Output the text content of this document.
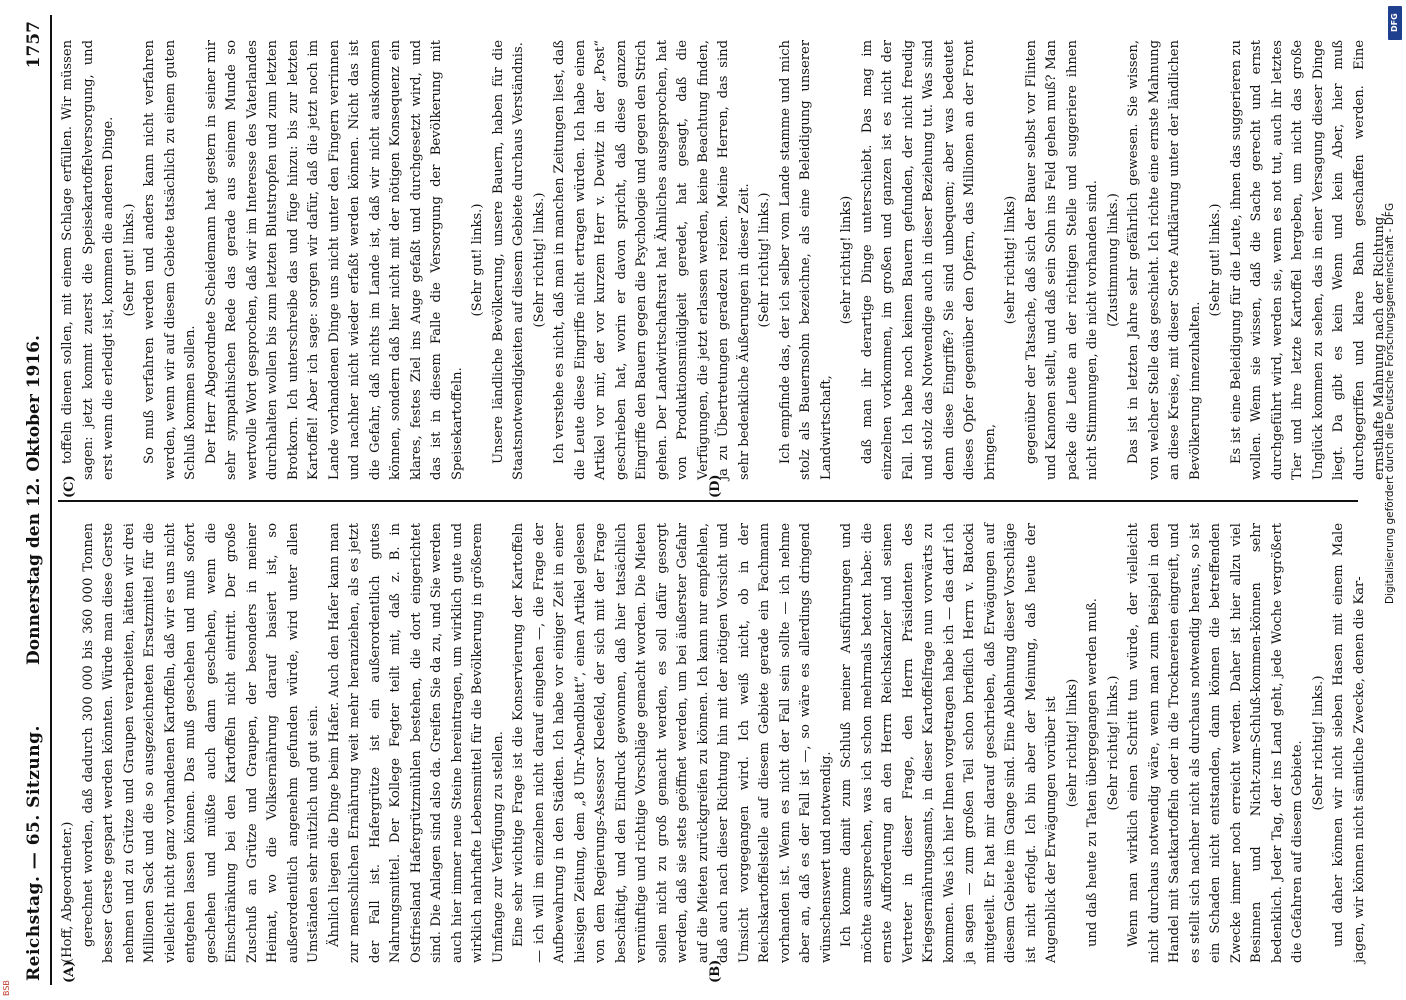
Reichstag. — 65. Sitzung.
Donnerstag den 12. Oktober 1916.
1757
(A)	(B)
(C)	(D)

(Hoff, Abgeordneter.) gerechnet worden, daß dadurch 300 000 bis 360 000 Tonnen besser Gerste gespart werden könnten. Würde man diese Gerste nehmen und zu Grütze und Graupen verarbeiten, hätten wir drei Millionen Sack und die so ausgezeichneten Ersatzmittel für die vielleicht nicht ganz vorhandenen Kartoffeln, daß wir es uns nicht entgehen lassen können. Das muß geschehen und muß sofort geschehen und müßte auch dann geschehen, wenn die Einschränkung bei den Kartoffeln nicht eintritt. Der große Zuschuß an Grütze und Graupen, der besonders in meiner Heimat, wo die Volksernährung darauf basiert ist, so außerordentlich angenehm gefunden würde, wird unter allen Umständen sehr nützlich und gut sein. Ähnlich liegen die Dinge beim Hafer. Auch den Hafer kann man zur menschlichen Ernährung weit mehr heranziehen, als es jetzt der Fall ist. Hafergrütze ist ein außerordentlich gutes Nahrungsmittel. Der Kollege Fegter teilt mit, daß z. B. in Ostfriesland Hafergrützmühlen bestehen, die dort eingerichtet sind. Die Anlagen sind also da. Greifen Sie da zu, und Sie werden auch hier immer neue Steine hereintragen, um wirklich gute und wirklich nahrhafte Lebensmittel für die Bevölkerung in größerem Umfange zur Verfügung zu stellen. Eine sehr wichtige Frage ist die Konservierung der Kartoffeln — ich will im einzelnen nicht darauf eingehen —, die Frage der Aufbewahrung in den Städten. Ich habe vor einiger Zeit in einer hiesigen Zeitung, dem „8 Uhr-Abendblatt“, einen Artikel gelesen von dem Regierungs-Assessor Kleefeld, der sich mit der Frage beschäftigt, und den Eindruck gewonnen, daß hier tatsächlich vernünftige und richtige Vorschläge gemacht worden. Die Mieten sollen nicht zu groß gemacht werden, es soll dafür gesorgt werden, daß sie stets geöffnet werden, um bei äußerster Gefahr auf die Mieten zurückgreifen zu können. Ich kann nur empfehlen, daß auch nach dieser Richtung hin mit der nötigen Vorsicht und Umsicht vorgegangen wird. Ich weiß nicht, ob in der Reichskartoffelstelle auf diesem Gebiete gerade ein Fachmann vorhanden ist. Wenn es nicht der Fall sein sollte — ich nehme aber an, daß es der Fall ist —, so wäre es allerdings dringend wünschenswert und notwendig. Ich komme damit zum Schluß meiner Ausführungen und möchte aussprechen, was ich schon mehrmals betont habe: die ernste Aufforderung an den Herrn Reichskanzler und seinen Vertreter in dieser Frage, den Herrn Präsidenten des Kriegsernährungsamts, in dieser Kartoffelfrage nun vorwärts zu kommen. Was ich hier Ihnen vorgetragen habe ich — das darf ich ja sagen — zum großen Teil schon brieflich Herrn v. Batocki mitgeteilt. Er hat mir darauf geschrieben, daß Erwägungen auf diesem Gebiete im Gange sind. Eine Ablehnung dieser Vorschläge ist nicht erfolgt. Ich bin aber der Meinung, daß heute der Augenblick der Erwägungen vorüber ist (sehr richtig! links) und daß heute zu Taten übergegangen werden muß. (Sehr richtig! links.) Wenn man wirklich einen Schritt tun würde, der vielleicht nicht durchaus notwendig wäre, wenn man zum Beispiel in den Handel mit Saatkartoffeln oder in die Trocknereien eingreift, und es stellt sich nachher nicht als durchaus notwendig heraus, so ist ein Schaden nicht entstanden, dann können die betreffenden Zwecke immer noch erreicht werden. Daher ist hier allzu viel Besinnen und Nicht-zum-Schluß-kommen-können sehr bedenklich. Jeder Tag, der ins Land geht, jede Woche vergrößert die Gefahren auf diesem Gebiete. (Sehr richtig! links.) und daher können wir nicht sieben Hasen mit einem Male jagen, wir können nicht sämtliche Zwecke, denen die Kar-

toffeln dienen sollen, mit einem Schlage erfüllen. Wir müssen sagen: jetzt kommt zuerst die Speisekartoffelversorgung, und erst wenn die erledigt ist, kommen die anderen Dinge. (Sehr gut! links.) So muß verfahren werden und anders kann nicht verfahren werden, wenn wir auf diesem Gebiete tatsächlich zu einem guten Schluß kommen sollen. Der Herr Abgeordnete Scheidemann hat gestern in seiner mir sehr sympathischen Rede das gerade aus seinem Munde so wertvolle Wort gesprochen, daß wir im Interesse des Vaterlandes durchhalten wollen bis zum letzten Blutstropfen und zum letzten Brotkorn. Ich unterschreibe das und füge hinzu: bis zur letzten Kartoffel! Aber ich sage: sorgen wir dafür, daß die jetzt noch im Lande vorhandenen Dinge uns nicht unter den Fingern verrinnen und nachher nicht wieder erfaßt werden können. Nicht das ist die Gefahr, daß nichts im Lande ist, daß wir nicht auskommen können, sondern daß hier nicht mit der nötigen Konsequenz ein klares, festes Ziel ins Auge gefaßt und durchgesetzt wird, und das ist in diesem Falle die Versorgung der Bevölkerung mit Speisekartoffeln.

(Sehr gut! links.) Unsere ländliche Bevölkerung, unsere Bauern, haben für die Staatsnotwendigkeiten auf diesem Gebiete durchaus Verständnis. (Sehr richtig! links.) Ich verstehe es nicht, daß man in manchen Zeitungen liest, daß die Leute diese Eingriffe nicht ertragen würden. Ich habe einen Artikel vor mir, der vor kurzem Herr v. Dewitz in der „Post“ geschrieben hat, worin er davon spricht, daß diese ganzen Eingriffe den Bauern gegen die Psychologie und gegen den Strich gehen. Der Landwirtschaftsrat hat Ähnliches ausgesprochen, hat von Produktionsmüdigkeit geredet, hat gesagt, daß die Verfügungen, die jetzt erlassen werden, keine Beachtung finden, ja zu Übertretungen geradezu reizen. Meine Herren, das sind sehr bedenkliche Äußerungen in dieser Zeit. (Sehr richtig! links.) Ich empfinde das, der ich selber vom Lande stamme und mich stolz als Bauernsohn bezeichne, als eine Beleidigung unserer Landwirtschaft,

(sehr richtig! links) daß man ihr derartige Dinge unterschiebt. Das mag im einzelnen vorkommen, im großen und ganzen ist es nicht der Fall. Ich habe noch keinen Bauern gefunden, der nicht freudig und stolz das Notwendige auch in dieser Beziehung tut. Was sind denn diese Eingriffe? Sie sind unbequem; aber was bedeutet dieses Opfer gegenüber den Opfern, das Millionen an der Front bringen,

(sehr richtig! links) gegenüber der Tatsache, daß sich der Bauer selbst vor Flinten und Kanonen stellt, und daß sein Sohn ins Feld gehen muß? Man packe die Leute an der richtigen Stelle und suggeriere ihnen nicht Stimmungen, die nicht vorhanden sind. (Zustimmung links.) Das ist in letzten Jahre sehr gefährlich gewesen. Sie wissen, von welcher Stelle das geschieht. Ich richte eine ernste Mahnung an diese Kreise, mit dieser Sorte Aufklärung unter der ländlichen Bevölkerung innezuhalten.

(Sehr gut! links.) Es ist eine Beleidigung für die Leute, ihnen das suggerieren zu wollen. Wenn sie wissen, daß die Sache gerecht und ernst durchgeführt wird, werden sie, wenn es not tut, auch ihr letztes Tier und ihre letzte Kartoffel hergeben, um nicht das große Unglück kommen zu sehen, das in einer Versagung dieser Dinge liegt. Da gibt es kein Wenn und kein Aber, hier muß durchgegriffen und klare Bahn geschaffen werden. Eine ernsthafte Mahnung nach der Richtung,

DFG
Digitalisierung gefördert durch die Deutsche Forschungsgemeinschaft - DFG
BSB
